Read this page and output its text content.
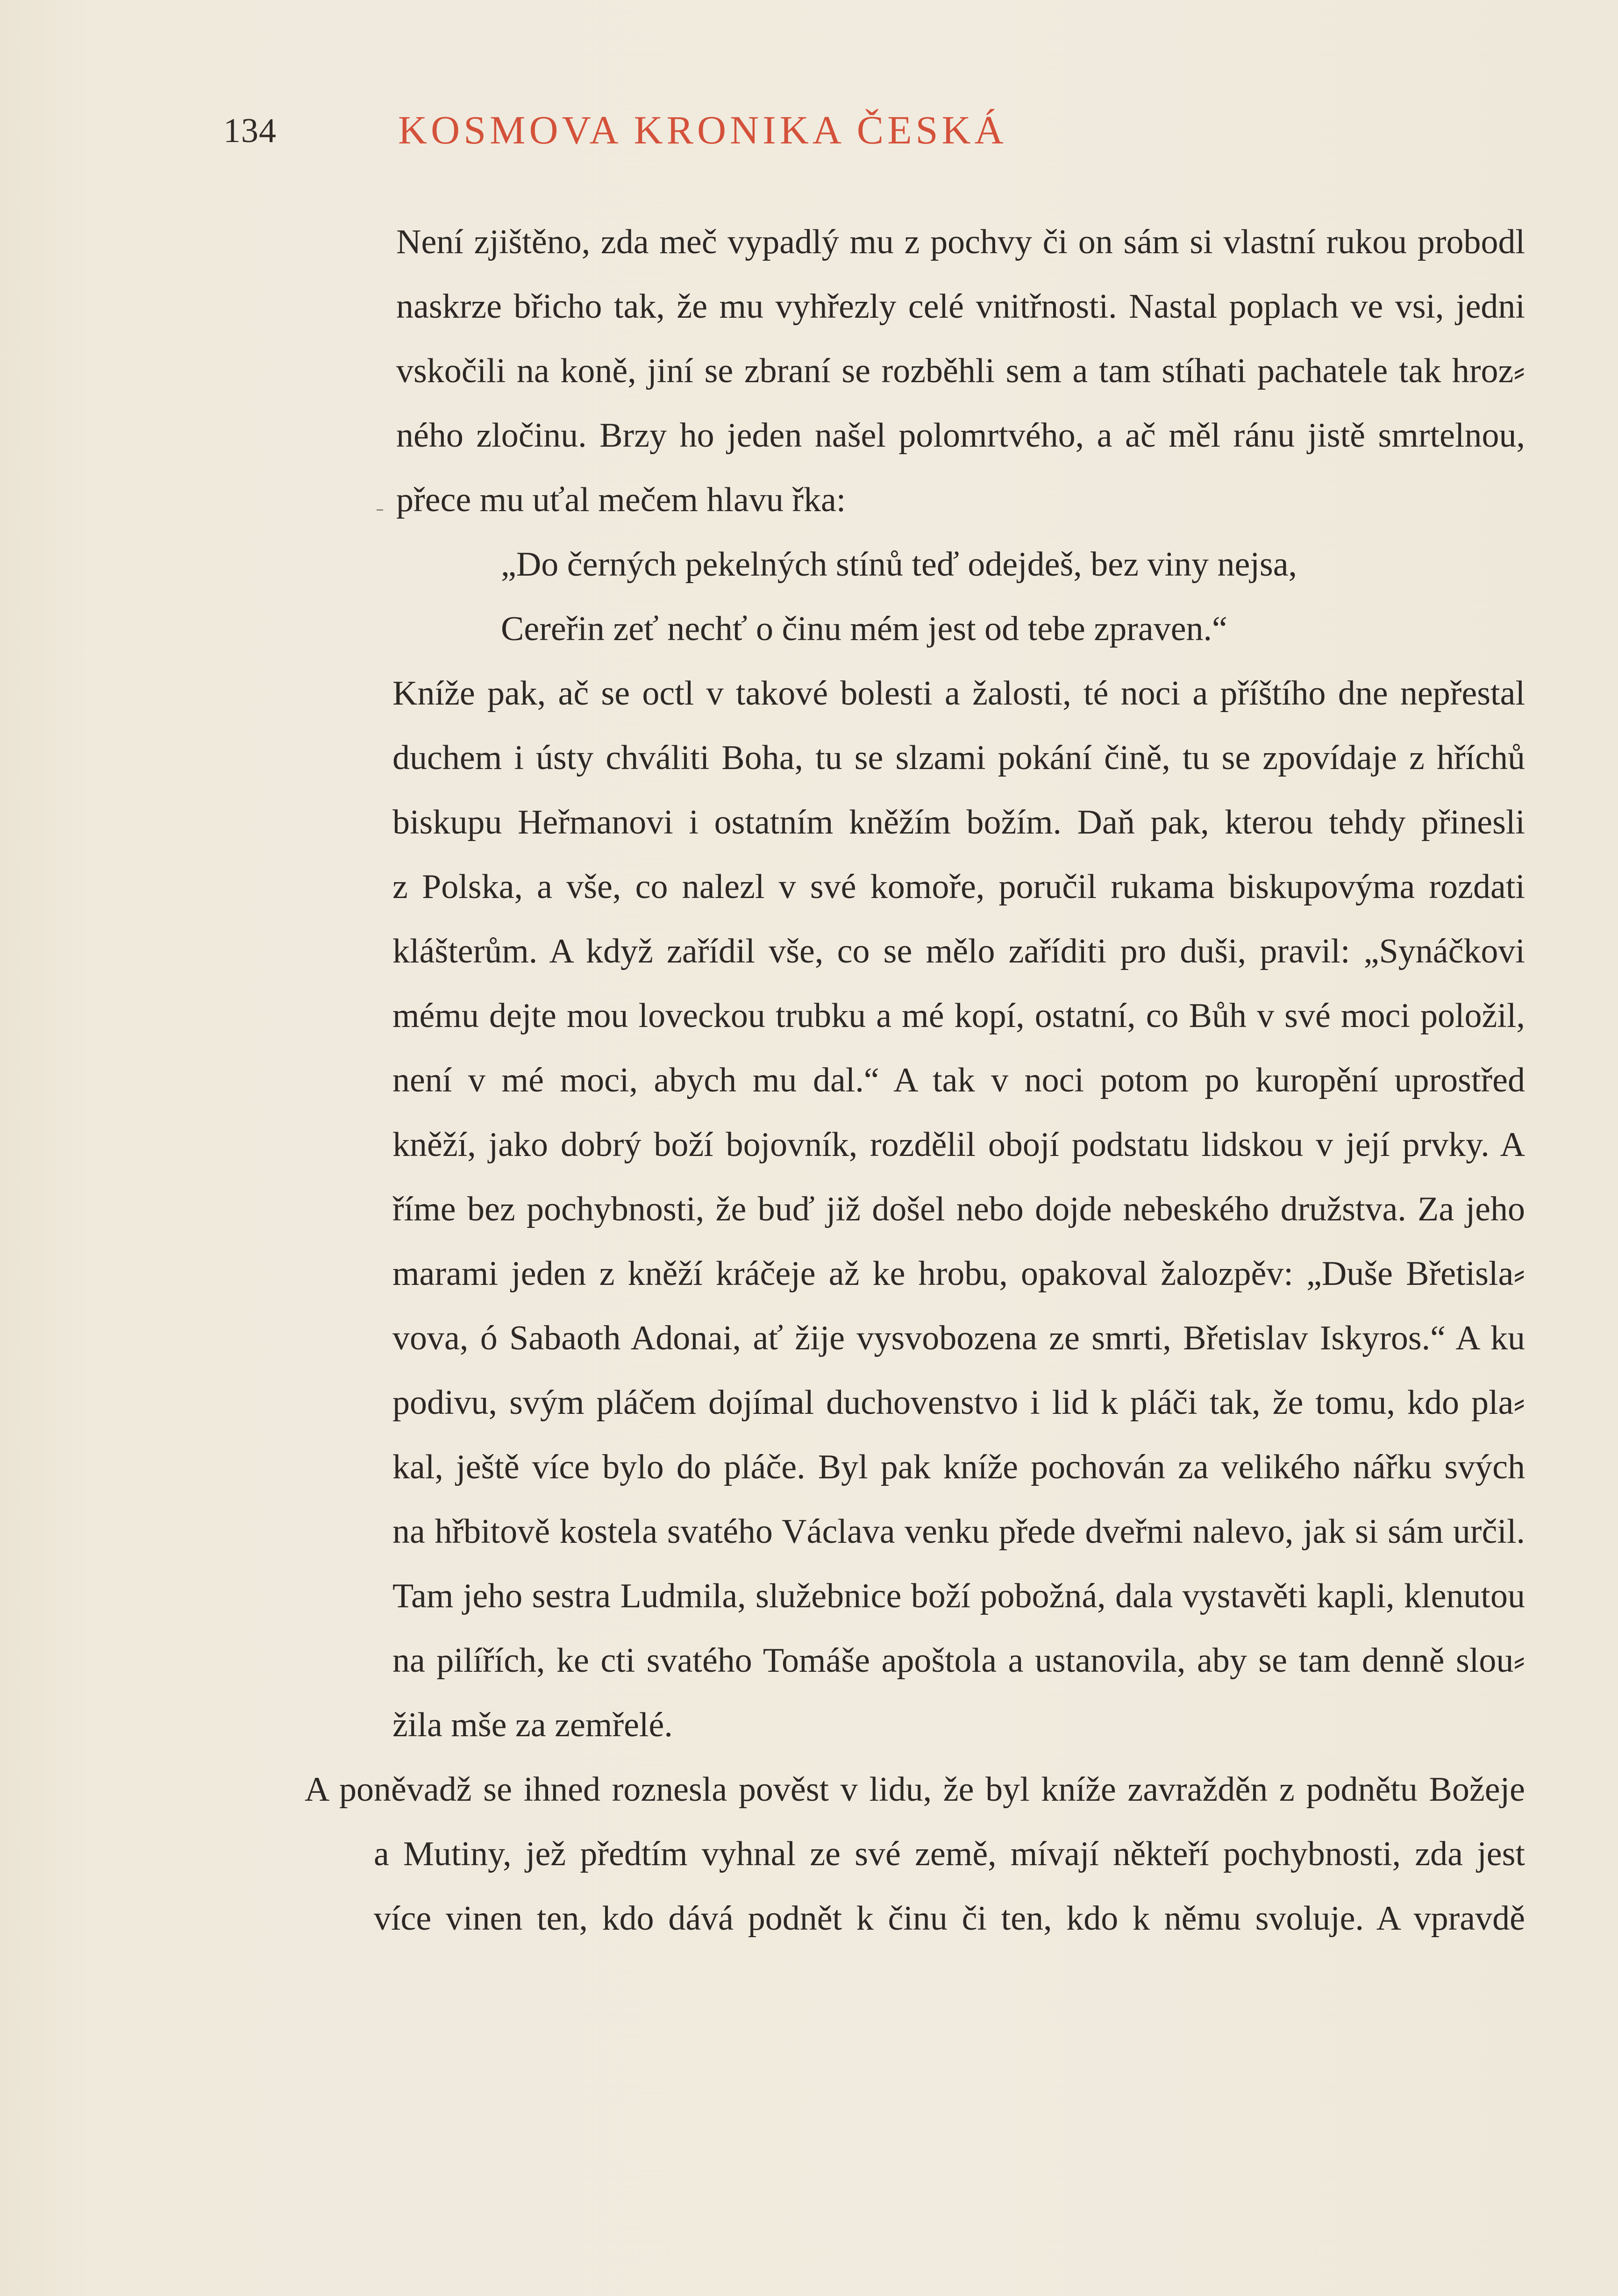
134	KOSMOVA KRONIKA ČESKÁ
Není zjištěno, zda meč vypadlý mu z pochvy či on sám si vlastní rukou probodl
naskrze břicho tak, že mu vyhřezly celé vnitřnosti. Nastal poplach ve vsi, jedni
vskočili na koně, jiní se zbraní se rozběhli sem a tam stíhati pachatele tak hroz⸗
ného zločinu. Brzy ho jeden našel polomrtvého, a ač měl ránu jistě smrtelnou,
přece mu uťal mečem hlavu řka:
„Do černých pekelných stínů teď odejdeš, bez viny nejsa,
Cereřin zeť nechť o činu mém jest od tebe zpraven.“
Kníže pak, ač se octl v takové bolesti a žalosti, té noci a příštího dne nepřestal
duchem i ústy chváliti Boha, tu se slzami pokání čině, tu se zpovídaje z hříchů
biskupu Heřmanovi i ostatním kněžím božím. Daň pak, kterou tehdy přinesli
z Polska, a vše, co nalezl v své komoře, poručil rukama biskupovýma rozdati
klášterům. A když zařídil vše, co se mělo zaříditi pro duši, pravil: „Synáčkovi
mému dejte mou loveckou trubku a mé kopí, ostatní, co Bůh v své moci položil,
není v mé moci, abych mu dal.“ A tak v noci potom po kuropění uprostřed
kněží, jako dobrý boží bojovník, rozdělil obojí podstatu lidskou v její prvky. A
říme bez pochybnosti, že buď již došel nebo dojde nebeského družstva. Za jeho
marami jeden z kněží kráčeje až ke hrobu, opakoval žalozpěv: „Duše Břetisla⸗
vova, ó Sabaoth Adonai, ať žije vysvobozena ze smrti, Břetislav Iskyros.“ A ku
podivu, svým pláčem dojímal duchovenstvo i lid k pláči tak, že tomu, kdo pla⸗
kal, ještě více bylo do pláče. Byl pak kníže pochován za velikého nářku svých
na hřbitově kostela svatého Václava venku přede dveřmi nalevo, jak si sám určil.
Tam jeho sestra Ludmila, služebnice boží pobožná, dala vystavěti kapli, klenutou
na pilířích, ke cti svatého Tomáše apoštola a ustanovila, aby se tam denně slou⸗
žila mše za zemřelé.
A poněvadž se ihned roznesla pověst v lidu, že byl kníže zavražděn z podnětu Božeje
a Mutiny, jež předtím vyhnal ze své země, mívají někteří pochybnosti, zda jest
více vinen ten, kdo dává podnět k činu či ten, kdo k němu svoluje. A vpravdě
